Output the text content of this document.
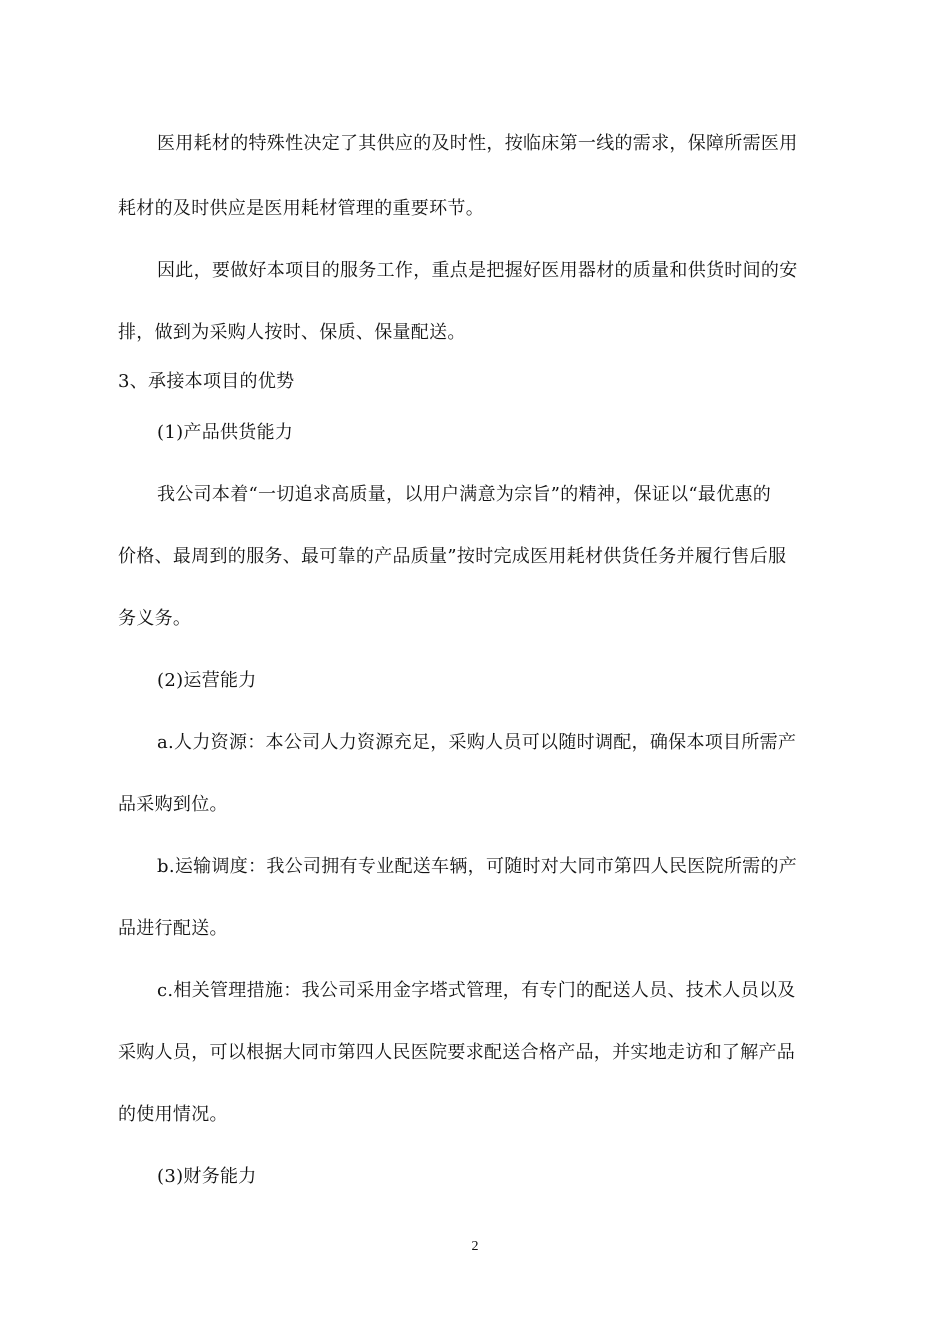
医用耗材的特殊性决定了其供应的及时性，按临床第一线的需求，保障所需医用
耗材的及时供应是医用耗材管理的重要环节。
因此，要做好本项目的服务工作，重点是把握好医用器材的质量和供货时间的安
排，做到为采购人按时、保质、保量配送。
3、承接本项目的优势
(1)产品供货能力
我公司本着“一切追求高质量，以用户满意为宗旨”的精神，保证以“最优惠的
价格、最周到的服务、最可靠的产品质量”按时完成医用耗材供货任务并履行售后服
务义务。
(2)运营能力
a.人力资源：本公司人力资源充足，采购人员可以随时调配，确保本项目所需产
品采购到位。
b.运输调度：我公司拥有专业配送车辆，可随时对大同市第四人民医院所需的产
品进行配送。
c.相关管理措施：我公司采用金字塔式管理，有专门的配送人员、技术人员以及
采购人员，可以根据大同市第四人民医院要求配送合格产品，并实地走访和了解产品
的使用情况。
(3)财务能力
2
